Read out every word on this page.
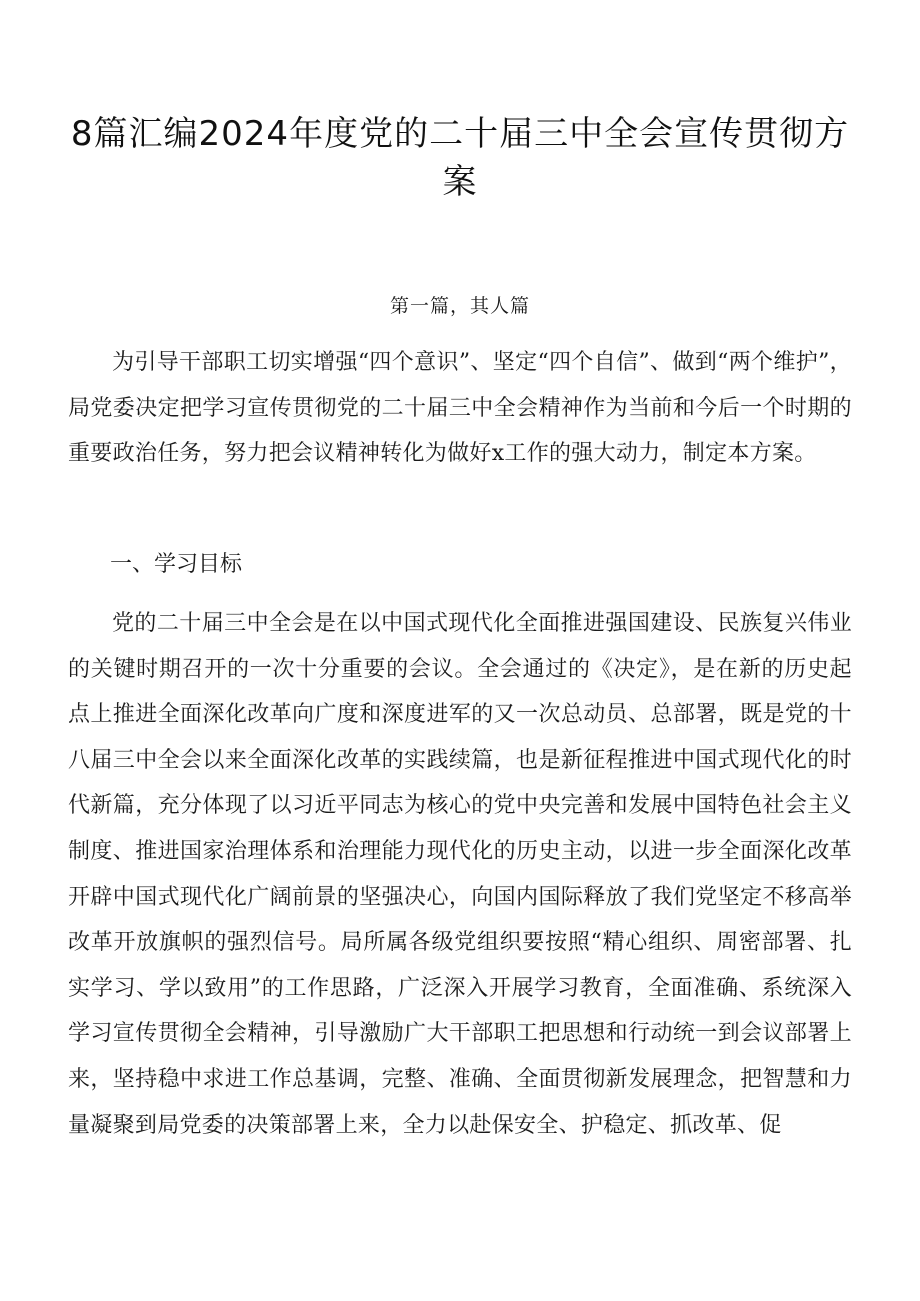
8篇汇编2024年度党的二十届三中全会宣传贯彻方案

第一篇，其人篇

为引导干部职工切实增强“四个意识”、坚定“四个自信”、做到“两个维护”，局党委决定把学习宣传贯彻党的二十届三中全会精神作为当前和今后一个时期的重要政治任务，努力把会议精神转化为做好x工作的强大动力，制定本方案。

一、学习目标

党的二十届三中全会是在以中国式现代化全面推进强国建设、民族复兴伟业的关键时期召开的一次十分重要的会议。全会通过的《决定》，是在新的历史起点上推进全面深化改革向广度和深度进军的又一次总动员、总部署，既是党的十八届三中全会以来全面深化改革的实践续篇，也是新征程推进中国式现代化的时代新篇，充分体现了以习近平同志为核心的党中央完善和发展中国特色社会主义制度、推进国家治理体系和治理能力现代化的历史主动，以进一步全面深化改革开辟中国式现代化广阔前景的坚强决心，向国内国际释放了我们党坚定不移高举改革开放旗帜的强烈信号。局所属各级党组织要按照“精心组织、周密部署、扎实学习、学以致用”的工作思路，广泛深入开展学习教育，全面准确、系统深入学习宣传贯彻全会精神，引导激励广大干部职工把思想和行动统一到会议部署上来，坚持稳中求进工作总基调，完整、准确、全面贯彻新发展理念，把智慧和力量凝聚到局党委的决策部署上来，全力以赴保安全、护稳定、抓改革、促
